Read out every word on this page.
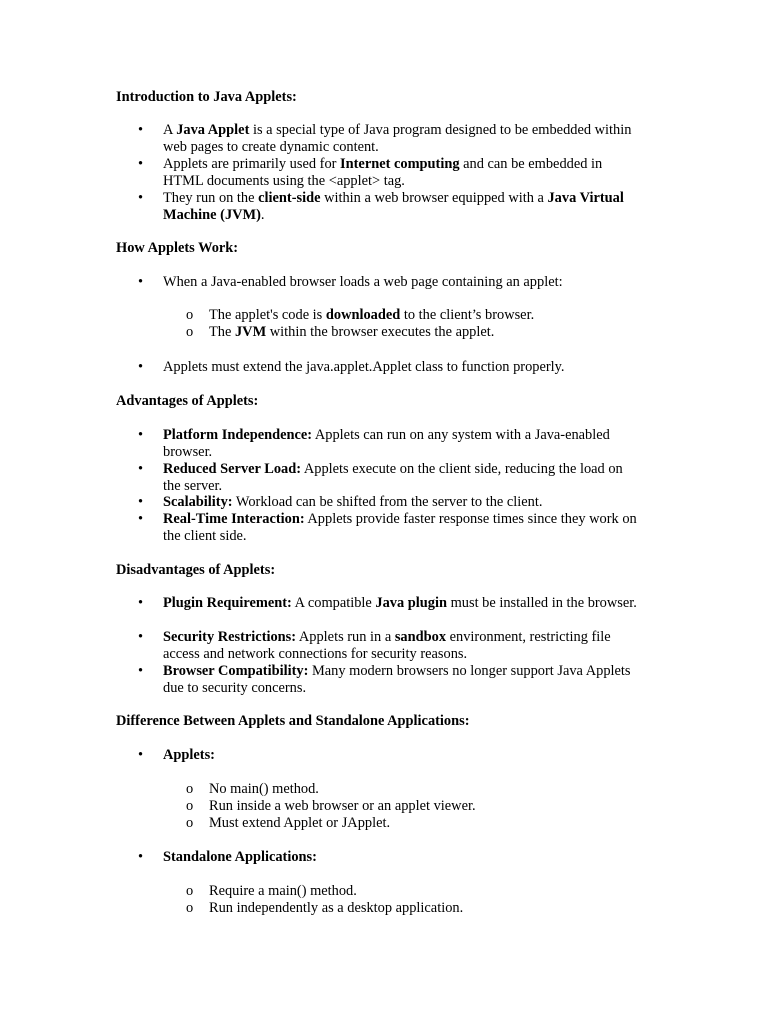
Introduction to Java Applets:
• A Java Applet is a special type of Java program designed to be embedded within web pages to create dynamic content.
• Applets are primarily used for Internet computing and can be embedded in HTML documents using the <applet> tag.
• They run on the client-side within a web browser equipped with a Java Virtual Machine (JVM).
How Applets Work:
• When a Java-enabled browser loads a web page containing an applet:
o The applet's code is downloaded to the client’s browser.
o The JVM within the browser executes the applet.
• Applets must extend the java.applet.Applet class to function properly.
Advantages of Applets:
• Platform Independence: Applets can run on any system with a Java-enabled browser.
• Reduced Server Load: Applets execute on the client side, reducing the load on the server.
• Scalability: Workload can be shifted from the server to the client.
• Real-Time Interaction: Applets provide faster response times since they work on the client side.
Disadvantages of Applets:
• Plugin Requirement: A compatible Java plugin must be installed in the browser.
• Security Restrictions: Applets run in a sandbox environment, restricting file access and network connections for security reasons.
• Browser Compatibility: Many modern browsers no longer support Java Applets due to security concerns.
Difference Between Applets and Standalone Applications:
• Applets:
o No main() method.
o Run inside a web browser or an applet viewer.
o Must extend Applet or JApplet.
• Standalone Applications:
o Require a main() method.
o Run independently as a desktop application.
